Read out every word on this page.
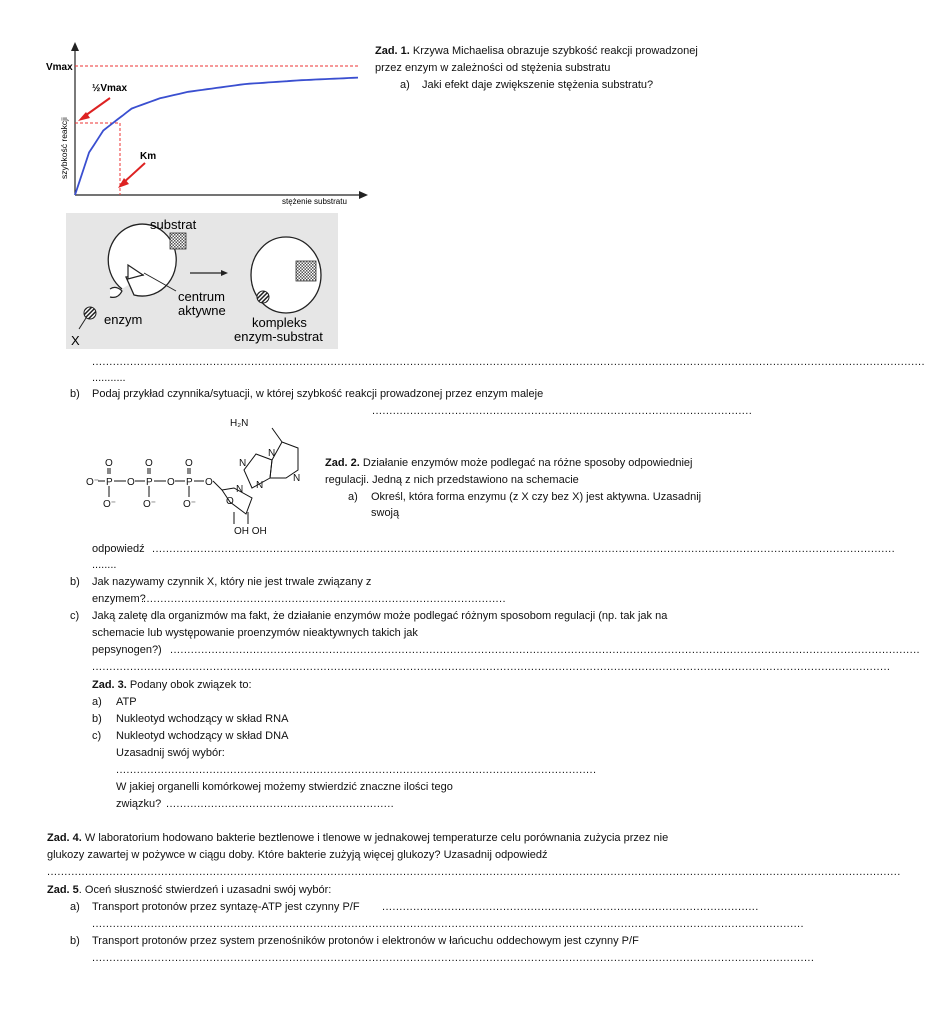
Vmax
½Vmax
Km
szybkość reakcji
stężenie substratu
substrat
centrum
aktywne
enzym	kompleks
enzym-substrat
X
O⁻ P O P O P O
O	O	O
O⁻	O⁻	O⁻
H₂N
OH OH
N
N
N
N
N
O
Zad. 1. Krzywa Michaelisa obrazuje szybkość reakcji prowadzonej
przez enzym w zależności od stężenia substratu
a) Jaki efekt daje zwiększenie stężenia substratu?
.................................................................................................................................................................................................................................................
...........
b) Podaj przykład czynnika/sytuacji, w której szybkość reakcji prowadzonej przez enzym maleje
..............................................................................................................
Zad. 2. Działanie enzymów może podlegać na różne sposoby odpowiedniej
regulacji. Jedną z nich przedstawiono na schemacie
a) Określ, która forma enzymu (z X czy bez X) jest aktywna. Uzasadnij
swoją
odpowiedź .......................................................................................................................................................................................................................
........
b) Jak nazywamy czynnik X, który nie jest trwale związany z
enzymem?
.........................................................................................................
c) Jaką zaletę dla organizmów ma fakt, że działanie enzymów może podlegać różnym sposobom regulacji (np. tak jak na
schemacie lub występowanie proenzymów nieaktywnych takich jak
pepsynogen?) .........................................................................................................................................................................................................................
.......................................................................................................................................................................................................................................
Zad. 3. Podany obok związek to:
a) ATP
b) Nukleotyd wchodzący w skład RNA
c) Nukleotyd wchodzący w skład DNA
Uzasadnij swój wybór:
...........................................................................................................................................
W jakiej organelli komórkowej możemy stwierdzić znaczne ilości tego
związku? ..................................................................
Zad. 4. W laboratorium hodowano bakterie beztlenowe i tlenowe w jednakowej temperaturze celu porównania zużycia przez nie
glukozy zawartej w pożywce w ciągu doby. Które bakterie zużyją więcej glukozy? Uzasadnij odpowiedź
.......................................................................................................................................................................................................................................................
Zad. 5. Oceń słuszność stwierdzeń i uzasadni swój wybór:
a) Transport protonów przez syntazę-ATP jest czynny P/F .............................................................................................................
..............................................................................................................................................................................................................
b) Transport protonów przez system przenośników protonów i elektronów w łańcuchu oddechowym jest czynny P/F
.................................................................................................................................................................................................................
